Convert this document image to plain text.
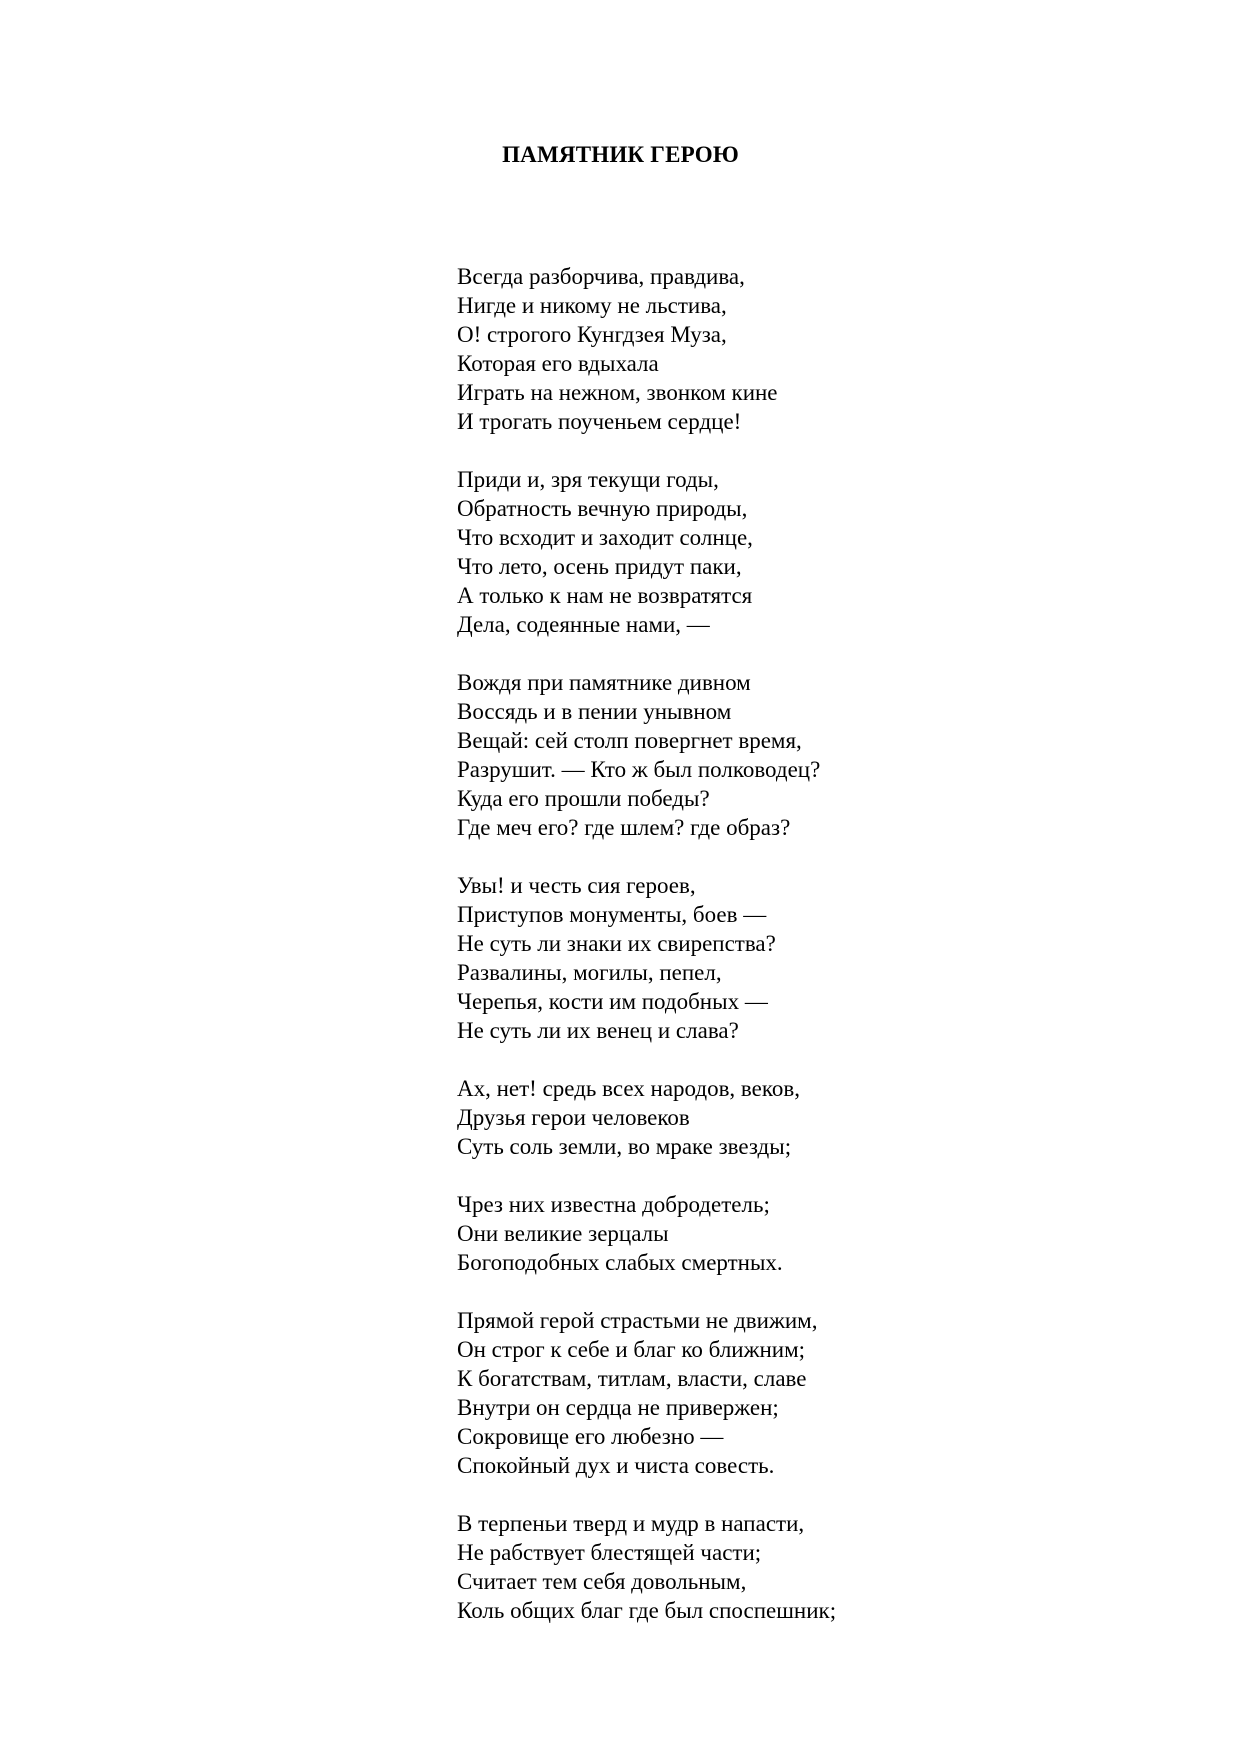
ПАМЯТНИК ГЕРОЮ
Всегда разборчива, правдива,
Нигде и никому не льстива,
О! строгого Кунгдзея Муза,
Которая его вдыхала
Играть на нежном, звонком кине
И трогать поученьем сердце!
Приди и, зря текущи годы,
Обратность вечную природы,
Что всходит и заходит солнце,
Что лето, осень придут паки,
А только к нам не возвратятся
Дела, содеянные нами, —
Вождя при памятнике дивном
Воссядь и в пении унывном
Вещай: сей столп повергнет время,
Разрушит. — Кто ж был полководец?
Куда его прошли победы?
Где меч его? где шлем? где образ?
Увы! и честь сия героев,
Приступов монументы, боев —
Не суть ли знаки их свирепства?
Развалины, могилы, пепел,
Черепья, кости им подобных —
Не суть ли их венец и слава?
Ах, нет! средь всех народов, веков,
Друзья герои человеков
Суть соль земли, во мраке звезды;
Чрез них известна добродетель;
Они великие зерцалы
Богоподобных слабых смертных.
Прямой герой страстьми не движим,
Он строг к себе и благ ко ближним;
К богатствам, титлам, власти, славе
Внутри он сердца не привержен;
Сокровище его любезно —
Спокойный дух и чиста совесть.
В терпеньи тверд и мудр в напасти,
Не рабствует блестящей части;
Считает тем себя довольным,
Коль общих благ где был споспешник;
